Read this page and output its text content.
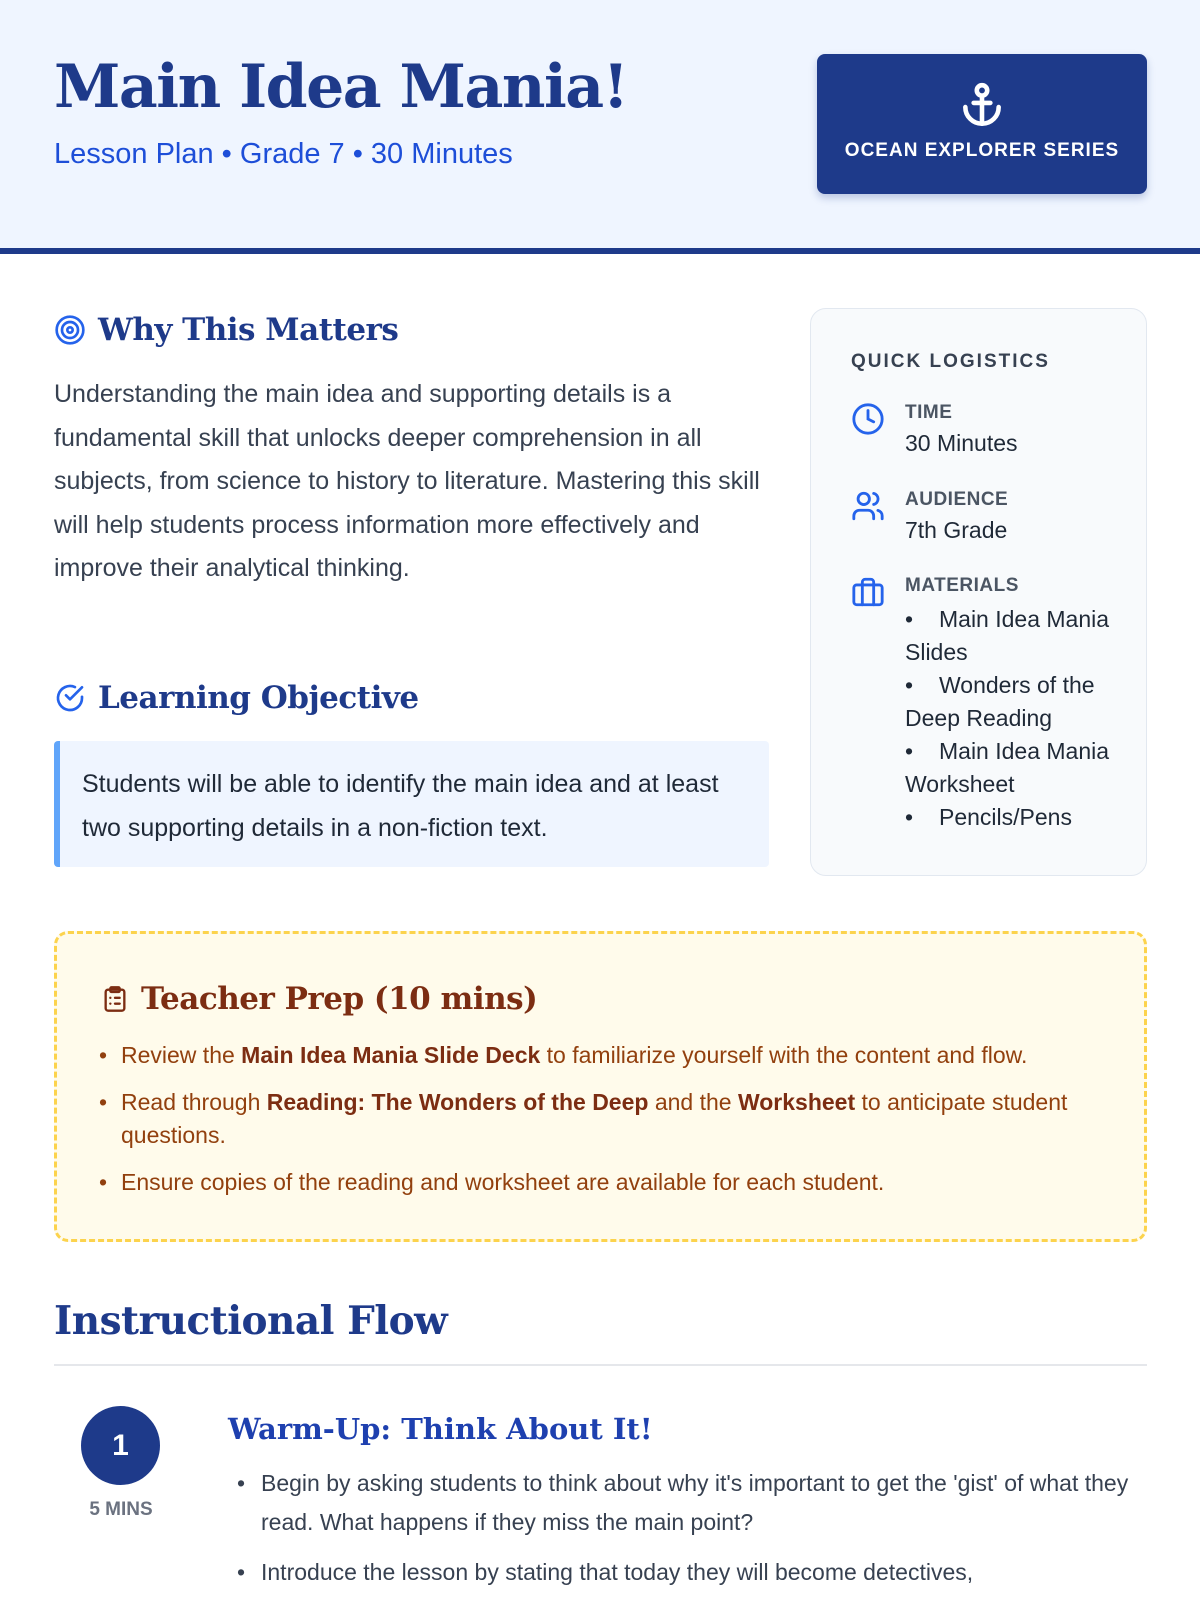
Main Idea Mania!
Lesson Plan • Grade 7 • 30 Minutes	OCEAN EXPLORER SERIES
Why This Matters
Understanding the main idea and supporting details is a fundamental skill that unlocks deeper comprehension in all subjects, from science to history to literature. Mastering this skill will help students process information more effectively and improve their analytical thinking.
Learning Objective
Students will be able to identify the main idea and at least two supporting details in a non-fiction text.
QUICK LOGISTICS
TIME
30 Minutes
AUDIENCE
7th Grade
MATERIALS
• Main Idea Mania Slides
• Wonders of the Deep Reading
• Main Idea Mania Worksheet
• Pencils/Pens
Teacher Prep (10 mins)
• Review the Main Idea Mania Slide Deck to familiarize yourself with the content and flow.
• Read through Reading: The Wonders of the Deep and the Worksheet to anticipate student questions.
• Ensure copies of the reading and worksheet are available for each student.
Instructional Flow
1
5 MINS
Warm-Up: Think About It!
• Begin by asking students to think about why it's important to get the 'gist' of what they read. What happens if they miss the main point?
• Introduce the lesson by stating that today they will become detectives,
